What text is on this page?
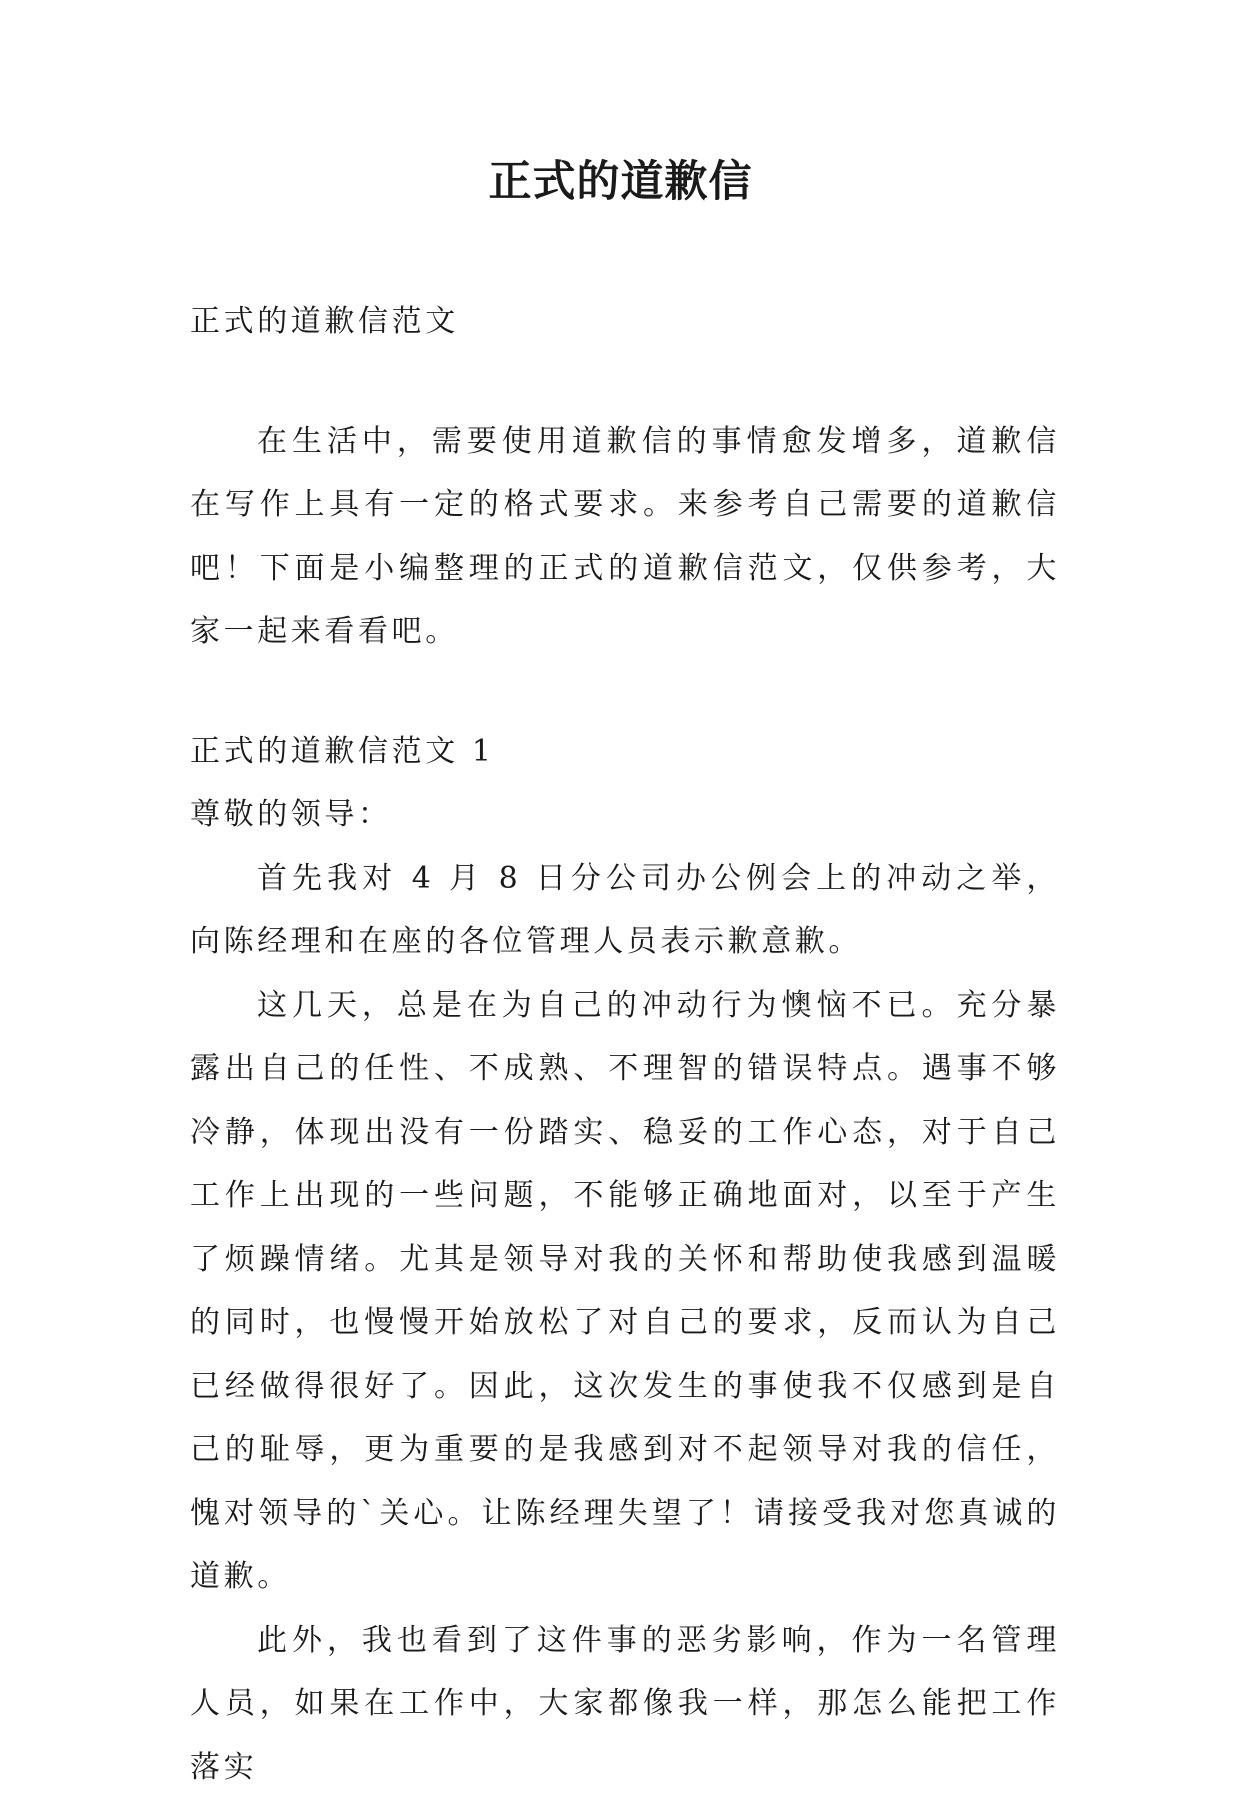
正式的道歉信

正式的道歉信范文

在生活中，需要使用道歉信的事情愈发增多，道歉信在写作上具有一定的格式要求。来参考自己需要的道歉信吧！下面是小编整理的正式的道歉信范文，仅供参考，大家一起来看看吧。

正式的道歉信范文 1

尊敬的领导：

首先我对 4 月 8 日分公司办公例会上的冲动之举，向陈经理和在座的各位管理人员表示歉意歉。

这几天，总是在为自己的冲动行为懊恼不已。充分暴露出自己的任性、不成熟、不理智的错误特点。遇事不够冷静，体现出没有一份踏实、稳妥的工作心态，对于自己工作上出现的一些问题，不能够正确地面对，以至于产生了烦躁情绪。尤其是领导对我的关怀和帮助使我感到温暖的同时，也慢慢开始放松了对自己的要求，反而认为自己已经做得很好了。因此，这次发生的事使我不仅感到是自己的耻辱，更为重要的是我感到对不起领导对我的信任，愧对领导的`关心。让陈经理失望了！请接受我对您真诚的道歉。

此外，我也看到了这件事的恶劣影响，作为一名管理人员，如果在工作中，大家都像我一样，那怎么能把工作落实
